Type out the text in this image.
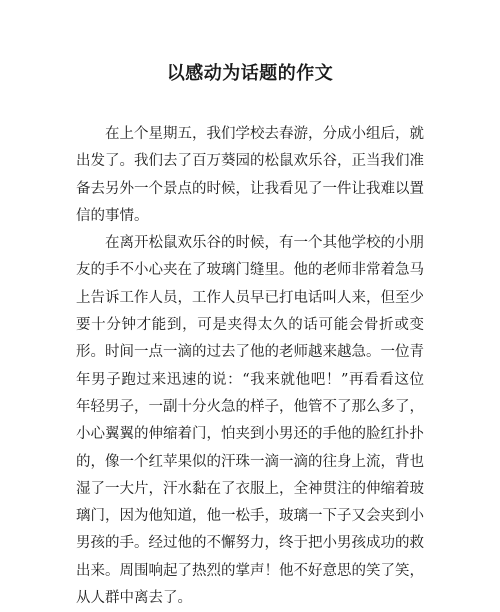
以感动为话题的作文

在上个星期五，我们学校去春游，分成小组后，就出发了。我们去了百万葵园的松鼠欢乐谷，正当我们准备去另外一个景点的时候，让我看见了一件让我难以置信的事情。

在离开松鼠欢乐谷的时候，有一个其他学校的小朋友的手不小心夹在了玻璃门缝里。他的老师非常着急马上告诉工作人员，工作人员早已打电话叫人来，但至少要十分钟才能到，可是夹得太久的话可能会骨折或变形。时间一点一滴的过去了他的老师越来越急。一位青年男子跑过来迅速的说：“我来就他吧！”再看看这位年轻男子，一副十分火急的样子，他管不了那么多了，小心翼翼的伸缩着门，怕夹到小男还的手他的脸红扑扑的，像一个红苹果似的汗珠一滴一滴的往身上流，背也湿了一大片，汗水黏在了衣服上，全神贯注的伸缩着玻璃门，因为他知道，他一松手，玻璃一下子又会夹到小男孩的手。经过他的不懈努力，终于把小男孩成功的救出来。周围响起了热烈的掌声！他不好意思的笑了笑，从人群中离去了。
